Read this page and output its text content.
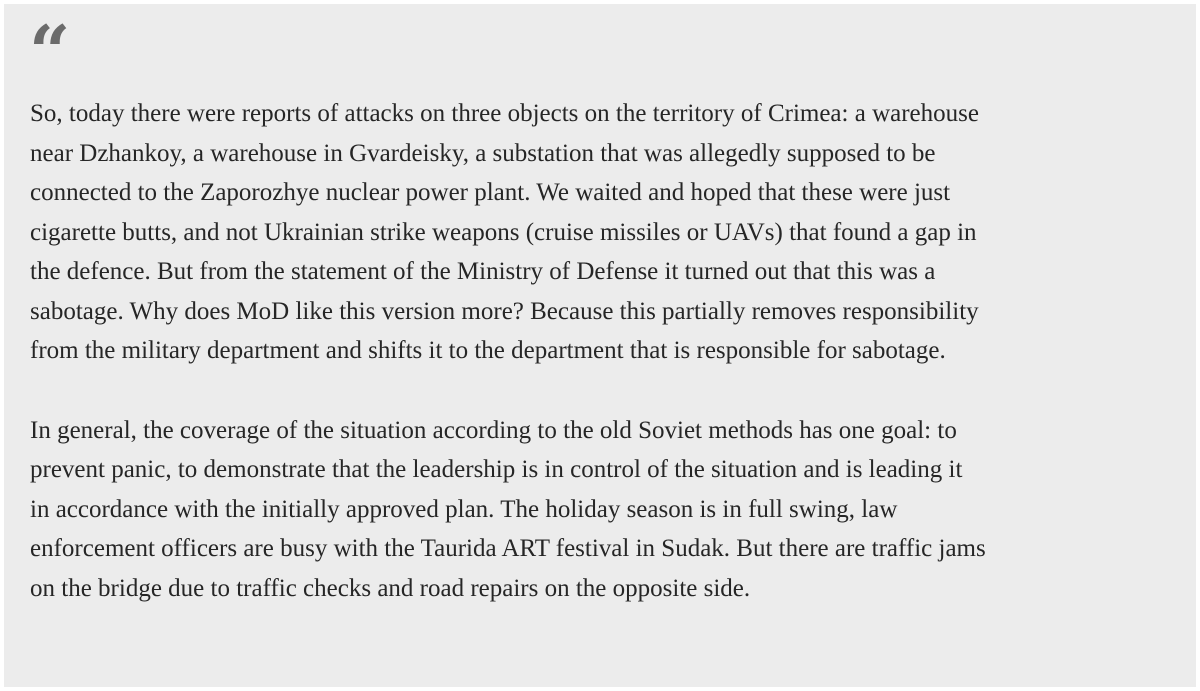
“

So, today there were reports of attacks on three objects on the territory of Crimea: a warehouse
near Dzhankoy, a warehouse in Gvardeisky, a substation that was allegedly supposed to be
connected to the Zaporozhye nuclear power plant. We waited and hoped that these were just
cigarette butts, and not Ukrainian strike weapons (cruise missiles or UAVs) that found a gap in
the defence. But from the statement of the Ministry of Defense it turned out that this was a
sabotage. Why does MoD like this version more? Because this partially removes responsibility
from the military department and shifts it to the department that is responsible for sabotage.

In general, the coverage of the situation according to the old Soviet methods has one goal: to
prevent panic, to demonstrate that the leadership is in control of the situation and is leading it
in accordance with the initially approved plan. The holiday season is in full swing, law
enforcement officers are busy with the Taurida ART festival in Sudak. But there are traffic jams
on the bridge due to traffic checks and road repairs on the opposite side.
